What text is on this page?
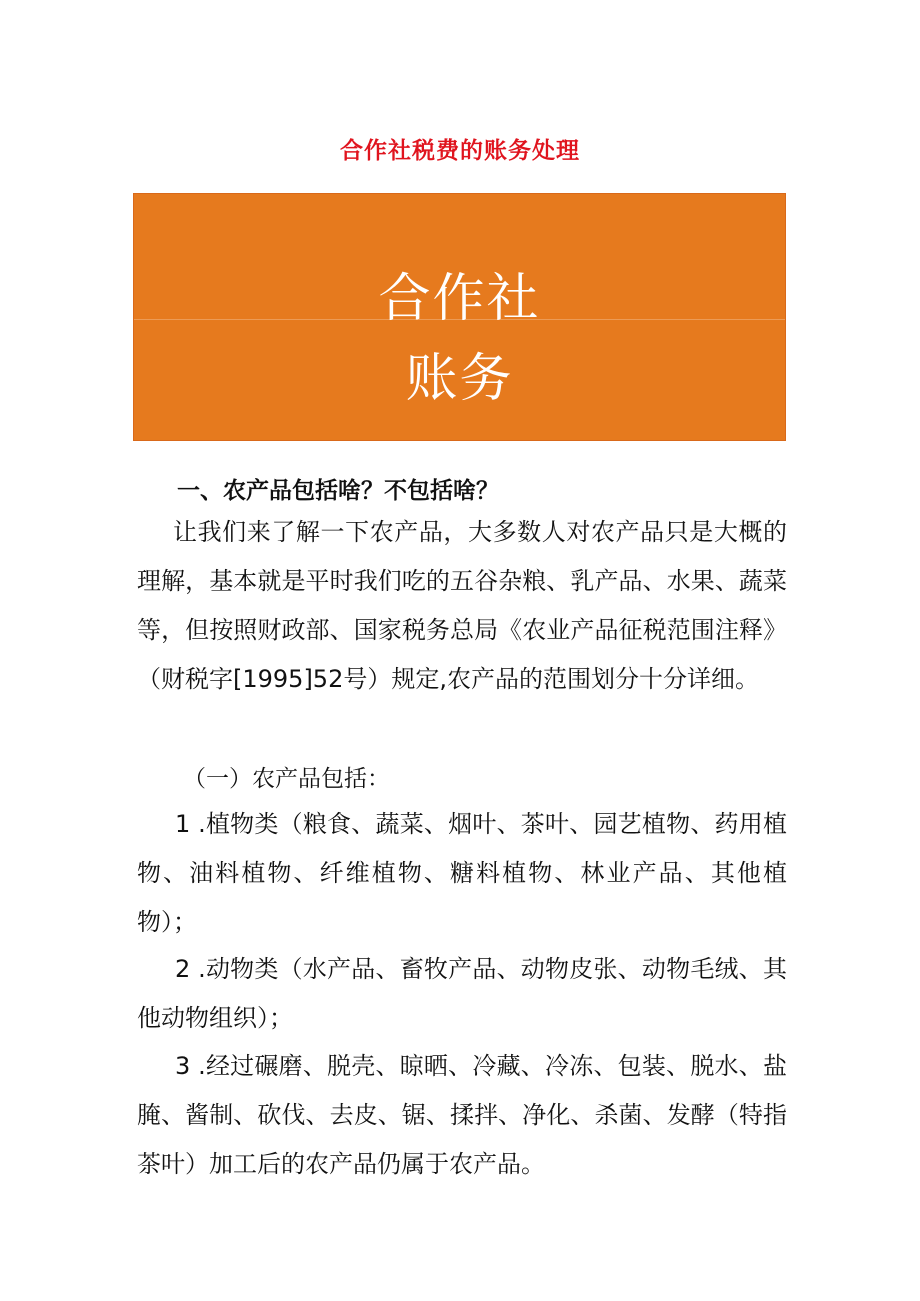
合作社税费的账务处理
合作社
账务
一、农产品包括啥？不包括啥？
让我们来了解一下农产品，大多数人对农产品只是大概的理解，基本就是平时我们吃的五谷杂粮、乳产品、水果、蔬菜等，但按照财政部、国家税务总局《农业产品征税范围注释》（财税字[1995]52号）规定,农产品的范围划分十分详细。
（一）农产品包括：
1 .植物类（粮食、蔬菜、烟叶、茶叶、园艺植物、药用植物、油料植物、纤维植物、糖料植物、林业产品、其他植物）；
2 .动物类（水产品、畜牧产品、动物皮张、动物毛绒、其他动物组织）；
3 .经过碾磨、脱壳、晾晒、冷藏、冷冻、包装、脱水、盐腌、酱制、砍伐、去皮、锯、揉拌、净化、杀菌、发酵（特指茶叶）加工后的农产品仍属于农产品。
